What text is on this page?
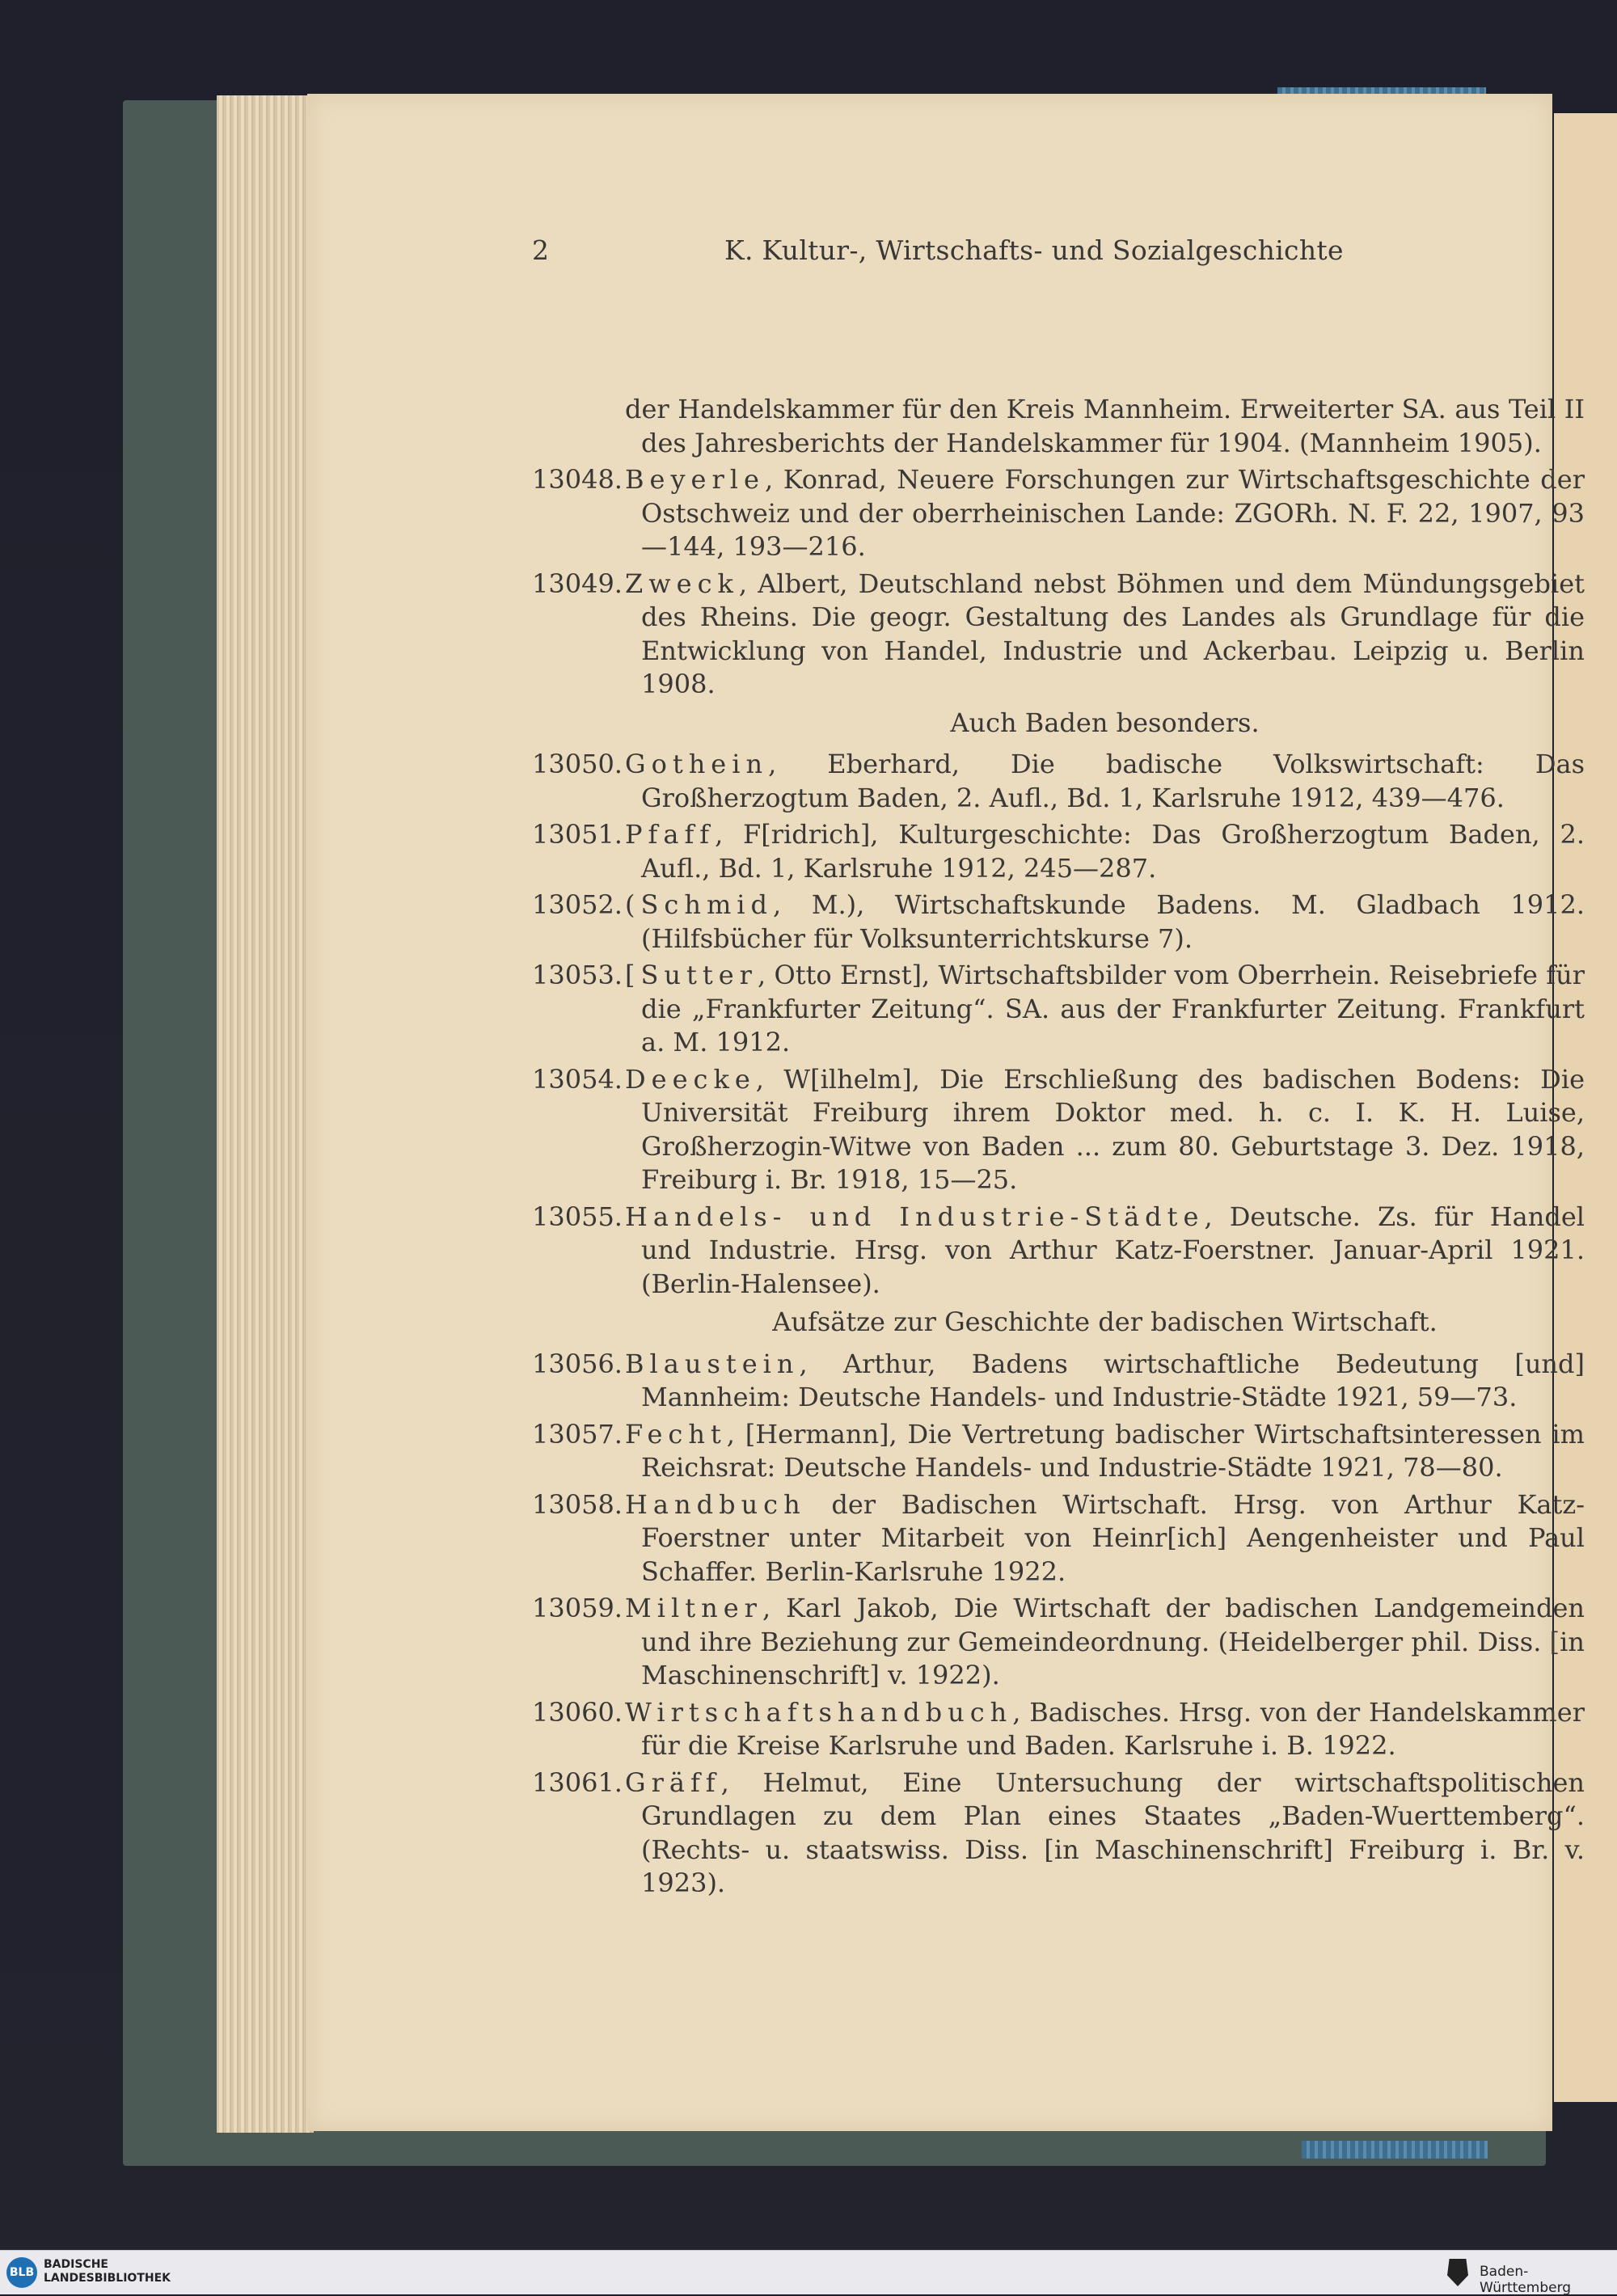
2	K. Kultur-, Wirtschafts- und Sozialgeschichte
der Handelskammer für den Kreis Mannheim. Erweiterter SA. aus Teil II des Jahresberichts der Handelskammer für 1904. (Mannheim 1905).
13048. Beyerle, Konrad, Neuere Forschungen zur Wirtschaftsgeschichte der Ostschweiz und der oberrheinischen Lande: ZGORh. N. F. 22, 1907, 93—144, 193—216.
13049. Zweck, Albert, Deutschland nebst Böhmen und dem Mündungsgebiet des Rheins. Die geogr. Gestaltung des Landes als Grundlage für die Entwicklung von Handel, Industrie und Ackerbau. Leipzig u. Berlin 1908.
Auch Baden besonders.
13050. Gothein, Eberhard, Die badische Volkswirtschaft: Das Großherzogtum Baden, 2. Aufl., Bd. 1, Karlsruhe 1912, 439—476.
13051. Pfaff, F[ridrich], Kulturgeschichte: Das Großherzogtum Baden, 2. Aufl., Bd. 1, Karlsruhe 1912, 245—287.
13052. (Schmid, M.), Wirtschaftskunde Badens. M. Gladbach 1912. (Hilfsbücher für Volksunterrichtskurse 7).
13053. [Sutter, Otto Ernst], Wirtschaftsbilder vom Oberrhein. Reisebriefe für die „Frankfurter Zeitung“. SA. aus der Frankfurter Zeitung. Frankfurt a. M. 1912.
13054. Deecke, W[ilhelm], Die Erschließung des badischen Bodens: Die Universität Freiburg ihrem Doktor med. h. c. I. K. H. Luise, Großherzogin-Witwe von Baden ... zum 80. Geburtstage 3. Dez. 1918, Freiburg i. Br. 1918, 15—25.
13055. Handels- und Industrie-Städte, Deutsche. Zs. für Handel und Industrie. Hrsg. von Arthur Katz-Foerstner. Januar-April 1921. (Berlin-Halensee).
Aufsätze zur Geschichte der badischen Wirtschaft.
13056. Blaustein, Arthur, Badens wirtschaftliche Bedeutung [und] Mannheim: Deutsche Handels- und Industrie-Städte 1921, 59—73.
13057. Fecht, [Hermann], Die Vertretung badischer Wirtschaftsinteressen im Reichsrat: Deutsche Handels- und Industrie-Städte 1921, 78—80.
13058. Handbuch der Badischen Wirtschaft. Hrsg. von Arthur Katz-Foerstner unter Mitarbeit von Heinr[ich] Aengenheister und Paul Schaffer. Berlin-Karlsruhe 1922.
13059. Miltner, Karl Jakob, Die Wirtschaft der badischen Landgemeinden und ihre Beziehung zur Gemeindeordnung. (Heidelberger phil. Diss. [in Maschinenschrift] v. 1922).
13060. Wirtschaftshandbuch, Badisches. Hrsg. von der Handelskammer für die Kreise Karlsruhe und Baden. Karlsruhe i. B. 1922.
13061. Gräff, Helmut, Eine Untersuchung der wirtschaftspolitischen Grundlagen zu dem Plan eines Staates „Baden-Wuerttemberg“. (Rechts- u. staatswiss. Diss. [in Maschinenschrift] Freiburg i. Br. v. 1923).
BLB
BADISCHE
LANDESBIBLIOTHEK	Baden-Württemberg
